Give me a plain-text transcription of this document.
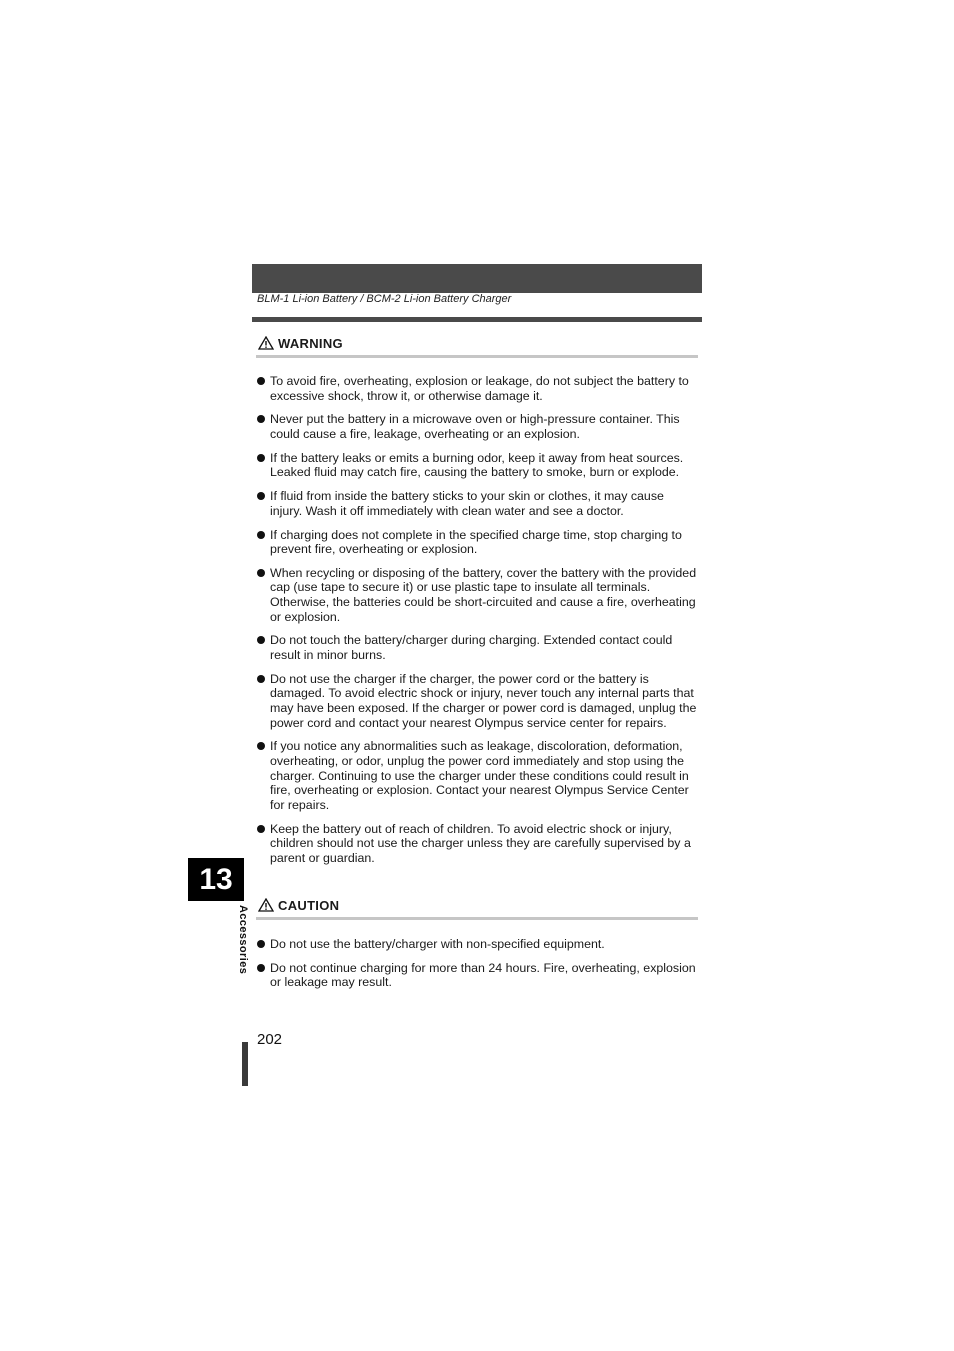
BLM-1 Li-ion Battery / BCM-2 Li-ion Battery Charger
WARNING
To avoid fire, overheating, explosion or leakage, do not subject the battery to excessive shock, throw it, or otherwise damage it.
Never put the battery in a microwave oven or high-pressure container. This could cause a fire, leakage, overheating or an explosion.
If the battery leaks or emits a burning odor, keep it away from heat sources. Leaked fluid may catch fire, causing the battery to smoke, burn or explode.
If fluid from inside the battery sticks to your skin or clothes, it may cause injury. Wash it off immediately with clean water and see a doctor.
If charging does not complete in the specified charge time, stop charging to prevent fire, overheating or explosion.
When recycling or disposing of the battery, cover the battery with the provided cap (use tape to secure it) or use plastic tape to insulate all terminals. Otherwise, the batteries could be short-circuited and cause a fire, overheating or explosion.
Do not touch the battery/charger during charging. Extended contact could result in minor burns.
Do not use the charger if the charger, the power cord or the battery is damaged. To avoid electric shock or injury, never touch any internal parts that may have been exposed. If the charger or power cord is damaged, unplug the power cord and contact your nearest Olympus service center for repairs.
If you notice any abnormalities such as leakage, discoloration, deformation, overheating, or odor, unplug the power cord immediately and stop using the charger. Continuing to use the charger under these conditions could result in fire, overheating or explosion. Contact your nearest Olympus Service Center for repairs.
Keep the battery out of reach of children. To avoid electric shock or injury, children should not use the charger unless they are carefully supervised by a parent or guardian.
CAUTION
Do not use the battery/charger with non-specified equipment.
Do not continue charging for more than 24 hours. Fire, overheating, explosion or leakage may result.
13
Accessories
202
